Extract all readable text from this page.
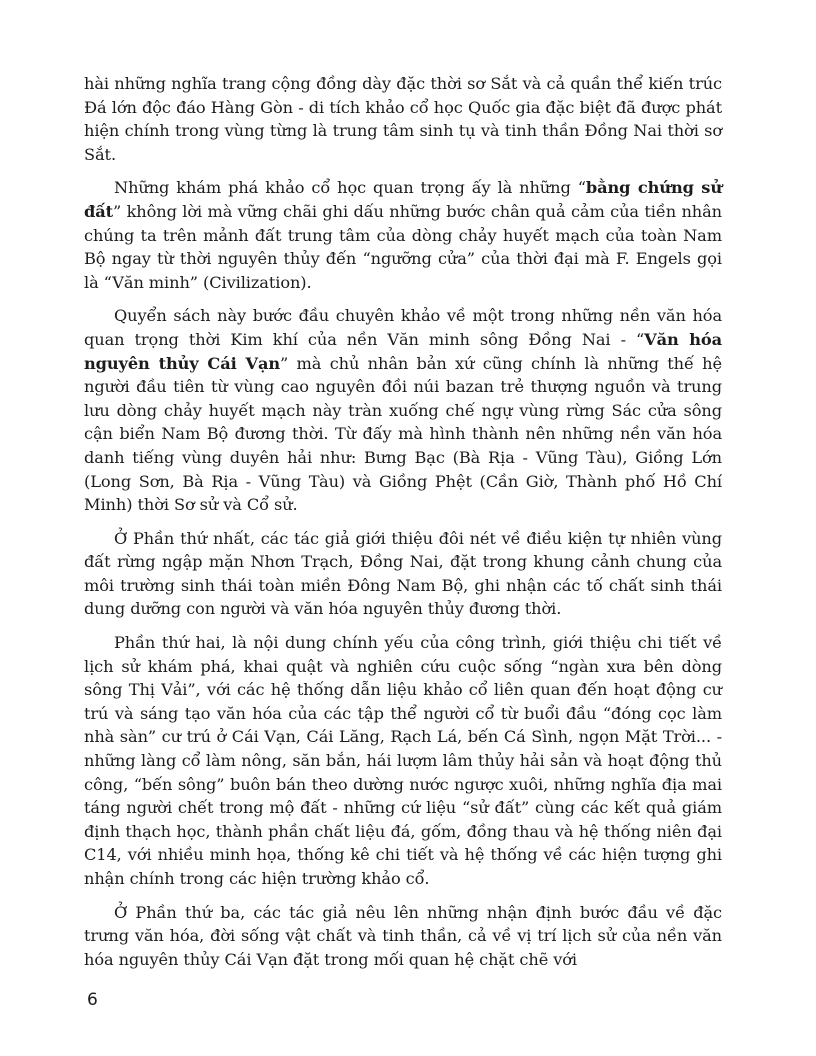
hài những nghĩa trang cộng đồng dày đặc thời sơ Sắt và cả quần thể kiến trúc Đá lớn độc đáo Hàng Gòn - di tích khảo cổ học Quốc gia đặc biệt đã được phát hiện chính trong vùng từng là trung tâm sinh tụ và tinh thần Đồng Nai thời sơ Sắt.

Những khám phá khảo cổ học quan trọng ấy là những “bằng chứng sử đất” không lời mà vững chãi ghi dấu những bước chân quả cảm của tiền nhân chúng ta trên mảnh đất trung tâm của dòng chảy huyết mạch của toàn Nam Bộ ngay từ thời nguyên thủy đến “ngưỡng cửa” của thời đại mà F. Engels gọi là “Văn minh” (Civilization).

Quyển sách này bước đầu chuyên khảo về một trong những nền văn hóa quan trọng thời Kim khí của nền Văn minh sông Đồng Nai - “Văn hóa nguyên thủy Cái Vạn” mà chủ nhân bản xứ cũng chính là những thế hệ người đầu tiên từ vùng cao nguyên đồi núi bazan trẻ thượng nguồn và trung lưu dòng chảy huyết mạch này tràn xuống chế ngự vùng rừng Sác cửa sông cận biển Nam Bộ đương thời. Từ đấy mà hình thành nên những nền văn hóa danh tiếng vùng duyên hải như: Bưng Bạc (Bà Rịa - Vũng Tàu), Giồng Lớn (Long Sơn, Bà Rịa - Vũng Tàu) và Giồng Phệt (Cần Giờ, Thành phố Hồ Chí Minh) thời Sơ sử và Cổ sử.

Ở Phần thứ nhất, các tác giả giới thiệu đôi nét về điều kiện tự nhiên vùng đất rừng ngập mặn Nhơn Trạch, Đồng Nai, đặt trong khung cảnh chung của môi trường sinh thái toàn miền Đông Nam Bộ, ghi nhận các tố chất sinh thái dung dưỡng con người và văn hóa nguyên thủy đương thời.

Phần thứ hai, là nội dung chính yếu của công trình, giới thiệu chi tiết về lịch sử khám phá, khai quật và nghiên cứu cuộc sống “ngàn xưa bên dòng sông Thị Vải”, với các hệ thống dẫn liệu khảo cổ liên quan đến hoạt động cư trú và sáng tạo văn hóa của các tập thể người cổ từ buổi đầu “đóng cọc làm nhà sàn” cư trú ở Cái Vạn, Cái Lăng, Rạch Lá, bến Cá Sình, ngọn Mặt Trời... - những làng cổ làm nông, săn bắn, hái lượm lâm thủy hải sản và hoạt động thủ công, “bến sông” buôn bán theo dường nước ngược xuôi, những nghĩa địa mai táng người chết trong mộ đất - những cứ liệu “sử đất” cùng các kết quả giám định thạch học, thành phần chất liệu đá, gốm, đồng thau và hệ thống niên đại C14, với nhiều minh họa, thống kê chi tiết và hệ thống về các hiện tượng ghi nhận chính trong các hiện trường khảo cổ.

Ở Phần thứ ba, các tác giả nêu lên những nhận định bước đầu về đặc trưng văn hóa, đời sống vật chất và tinh thần, cả về vị trí lịch sử của nền văn hóa nguyên thủy Cái Vạn đặt trong mối quan hệ chặt chẽ với

6
